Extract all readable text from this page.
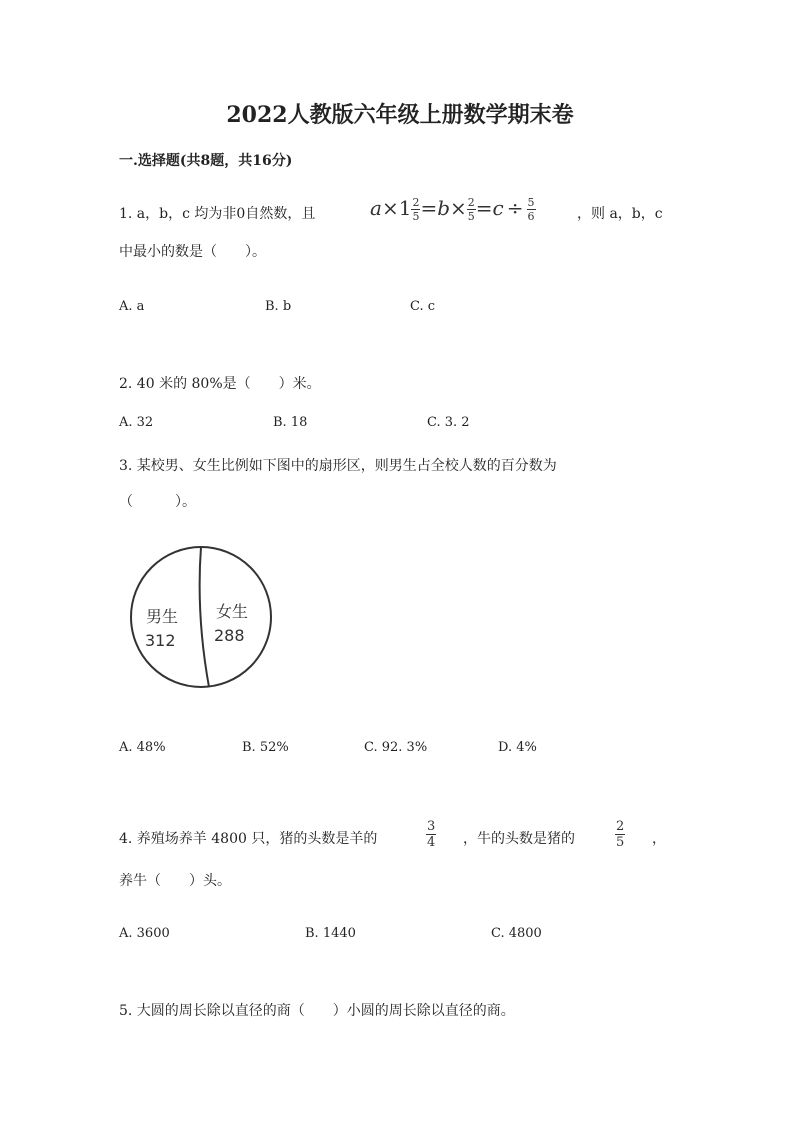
2022人教版六年级上册数学期末卷
一.选择题(共8题，共16分)
1. a，b，c 均为非0自然数，且	$a\times 1 \frac{2}{5} =b\times \frac{2}{5} =c \div \frac{5}{6}$	，则 a，b，c
中最小的数是（　　）。
A. a	B. b	C. c
2. 40 米的 80%是（　　）米。
A. 32	B. 18	C. 3. 2
3. 某校男、女生比例如下图中的扇形区，则男生占全校人数的百分数为
（　　　）。
男生
312
女生
288
A. 48%	B. 52%	C. 92. 3%	D. 4%
4. 养殖场养羊 4800 只，猪的头数是羊的	$\frac{3}{4}$ ，牛的头数是猪的	$\frac{2}{5}$ ，
养牛（　　）头。
A. 3600	B. 1440	C. 4800
5. 大圆的周长除以直径的商（　　）小圆的周长除以直径的商。
